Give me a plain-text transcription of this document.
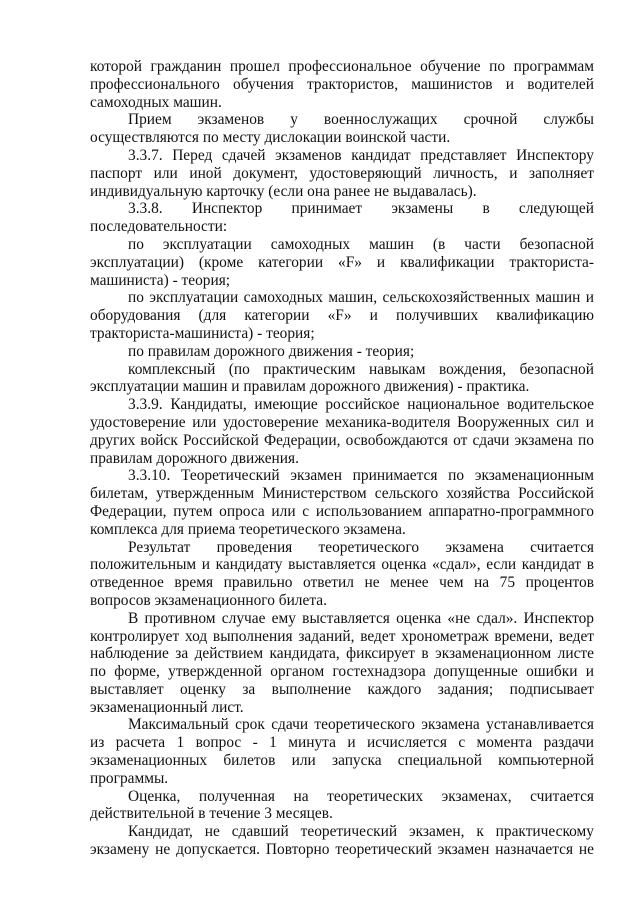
которой гражданин прошел профессиональное обучение по программам профессионального обучения трактористов, машинистов и водителей самоходных машин.

Прием экзаменов у военнослужащих срочной службы осуществляются по месту дислокации воинской части.

3.3.7. Перед сдачей экзаменов кандидат представляет Инспектору паспорт или иной документ, удостоверяющий личность, и заполняет индивидуальную карточку (если она ранее не выдавалась).

3.3.8. Инспектор принимает экзамены в следующей последовательности:

по эксплуатации самоходных машин (в части безопасной эксплуатации) (кроме категории «F» и квалификации тракториста-машиниста) - теория;

по эксплуатации самоходных машин, сельскохозяйственных машин и оборудования (для категории «F» и получивших квалификацию тракториста-машиниста) - теория;

по правилам дорожного движения - теория;

комплексный (по практическим навыкам вождения, безопасной эксплуатации машин и правилам дорожного движения) - практика.

3.3.9. Кандидаты, имеющие российское национальное водительское удостоверение или удостоверение механика-водителя Вооруженных сил и других войск Российской Федерации, освобождаются от сдачи экзамена по правилам дорожного движения.

3.3.10. Теоретический экзамен принимается по экзаменационным билетам, утвержденным Министерством сельского хозяйства Российской Федерации, путем опроса или с использованием аппаратно-программного комплекса для приема теоретического экзамена.

Результат проведения теоретического экзамена считается положительным и кандидату выставляется оценка «сдал», если кандидат в отведенное время правильно ответил не менее чем на 75 процентов вопросов экзаменационного билета.

В противном случае ему выставляется оценка «не сдал». Инспектор контролирует ход выполнения заданий, ведет хронометраж времени, ведет наблюдение за действием кандидата, фиксирует в экзаменационном листе по форме, утвержденной органом гостехнадзора допущенные ошибки и выставляет оценку за выполнение каждого задания; подписывает экзаменационный лист.

Максимальный срок сдачи теоретического экзамена устанавливается из расчета 1 вопрос - 1 минута и исчисляется с момента раздачи экзаменационных билетов или запуска специальной компьютерной программы.

Оценка, полученная на теоретических экзаменах, считается действительной в течение 3 месяцев.

Кандидат, не сдавший теоретический экзамен, к практическому экзамену не допускается. Повторно теоретический экзамен назначается не
